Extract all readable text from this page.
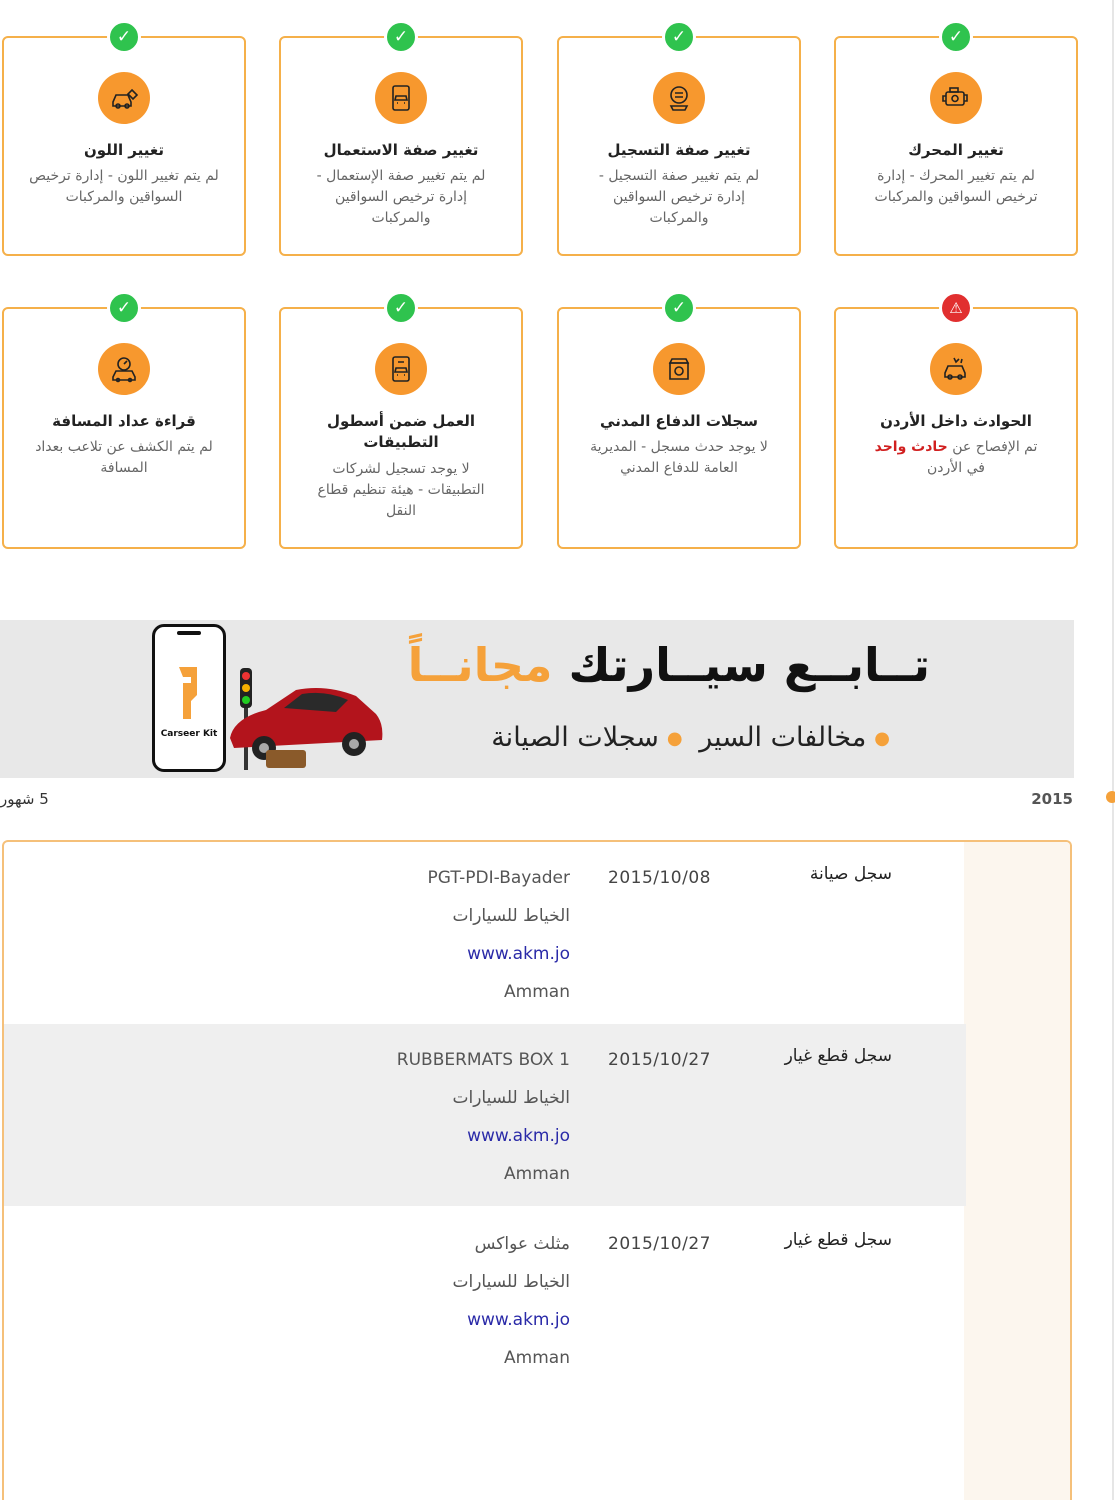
✓
تغيير المحرك
لم يتم تغيير المحرك - إدارة ترخيص السواقين والمركبات
✓
تغيير صفة التسجيل
لم يتم تغيير صفة التسجيل - إدارة ترخيص السواقين والمركبات
✓
تغيير صفة الاستعمال
لم يتم تغيير صفة الإستعمال - إدارة ترخيص السواقين والمركبات
✓
تغيير اللون
لم يتم تغيير اللون - إدارة ترخيص السواقين والمركبات
⚠
الحوادث داخل الأردن
تم الإفصاح عن حادث واحد
في الأردن
✓
سجلات الدفاع المدني
لا يوجد حدث مسجل - المديرية العامة للدفاع المدني
✓
العمل ضمن أسطول التطبيقات
لا يوجد تسجيل لشركات التطبيقات - هيئة تنظيم قطاع النقل
✓
قراءة عداد المسافة
لم يتم الكشف عن تلاعب بعداد المسافة
تــابــع سيــارتك مجانــاً
●مخالفات السير ●سجلات الصيانة
Carseer Kit
5 شهور	2015
سجل صيانة
2015/10/08
PGT-PDI-Bayader
الخياط للسيارات
www.akm.jo
Amman
سجل قطع غيار
2015/10/27
RUBBERMATS BOX 1
الخياط للسيارات
www.akm.jo
Amman
سجل قطع غيار
2015/10/27
مثلث عواكس
الخياط للسيارات
www.akm.jo
Amman
